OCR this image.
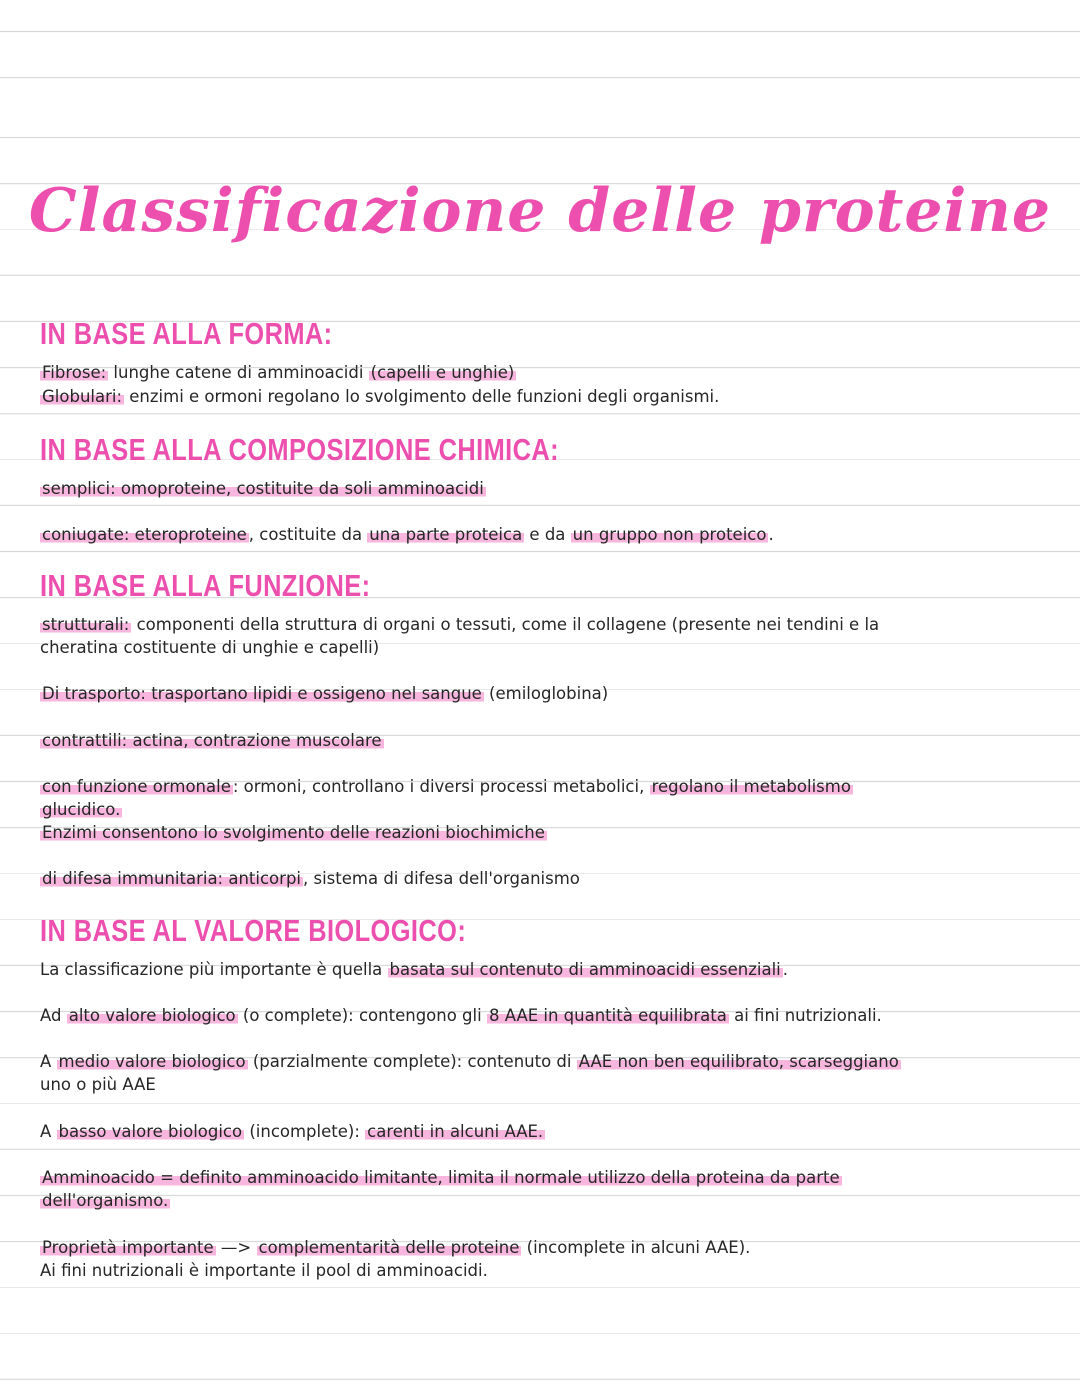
Classificazione delle proteine
IN BASE ALLA FORMA:

Fibrose: lunghe catene di amminoacidi (capelli e unghie)

Globulari: enzimi e ormoni regolano lo svolgimento delle funzioni degli organismi.

IN BASE ALLA COMPOSIZIONE CHIMICA:

semplici: omoproteine, costituite da soli amminoacidi

coniugate: eteroproteine , costituite da una parte proteica e da un gruppo non proteico .

IN BASE ALLA FUNZIONE:

strutturali: componenti della struttura di organi o tessuti, come il collagene (presente nei tendini e la

cheratina costituente di unghie e capelli)

Di trasporto: trasportano lipidi e ossigeno nel sangue (emiloglobina)

contrattili: actina, contrazione muscolare

con funzione ormonale : ormoni, controllano i diversi processi metabolici, regolano il metabolismo

glucidico.

Enzimi consentono lo svolgimento delle reazioni biochimiche

di difesa immunitaria: anticorpi , sistema di difesa dell'organismo

IN BASE AL VALORE BIOLOGICO:

La classificazione più importante è quella basata sul contenuto di amminoacidi essenziali .

Ad alto valore biologico (o complete): contengono gli 8 AAE in quantità equilibrata ai fini nutrizionali.

A medio valore biologico (parzialmente complete): contenuto di AAE non ben equilibrato, scarseggiano

uno o più AAE

A basso valore biologico (incomplete): carenti in alcuni AAE.

Amminoacido = definito amminoacido limitante, limita il normale utilizzo della proteina da parte

dell'organismo.

Proprietà importante —> complementarità delle proteine (incomplete in alcuni AAE).

Ai fini nutrizionali è importante il pool di amminoacidi.
